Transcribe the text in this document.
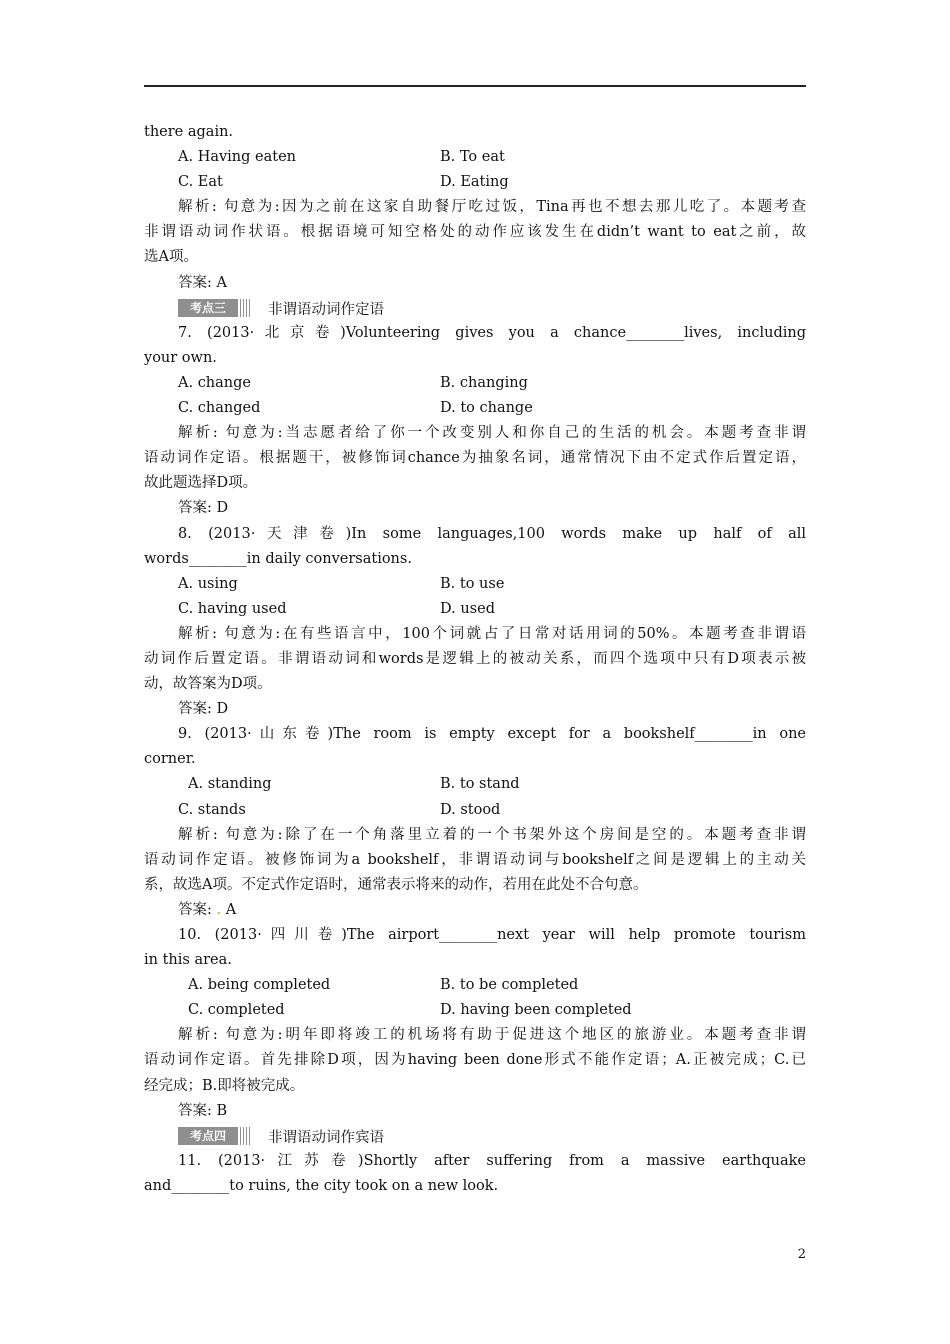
there again.
A. Having eaten	B. To eat
C. Eat	D. Eating
解析: 句意为:因为之前在这家自助餐厅吃过饭，Tina再也不想去那儿吃了。本题考查
非谓语动词作状语。根据语境可知空格处的动作应该发生在didn’t want to eat之前，故
选A项。
答案: A
考点三	非谓语动词作定语
7. (2013·北京卷)Volunteering gives you a chance________lives, including
your own.
A. change	B. changing
C. changed	D. to change
解析: 句意为:当志愿者给了你一个改变别人和你自己的生活的机会。本题考查非谓
语动词作定语。根据题干，被修饰词chance为抽象名词，通常情况下由不定式作后置定语，
故此题选择D项。
答案: D
8. (2013·天津卷)In some languages,100 words make up half of all
words________in daily conversations.
A. using	B. to use
C. having used	D. used
解析: 句意为:在有些语言中，100个词就占了日常对话用词的50%。本题考查非谓语
动词作后置定语。非谓语动词和words是逻辑上的被动关系，而四个选项中只有D项表示被
动，故答案为D项。
答案: D
9. (2013·山东卷)The room is empty except for a bookshelf________in one
corner.
A. standing	B. to stand
C. stands	D. stood
解析: 句意为:除了在一个角落里立着的一个书架外这个房间是空的。本题考查非谓
语动词作定语。被修饰词为a bookshelf，非谓语动词与bookshelf之间是逻辑上的主动关
系，故选A项。不定式作定语时，通常表示将来的动作，若用在此处不合句意。
答案: . A
10. (2013·四川卷)The airport________next year will help promote tourism
in this area.
A. being completed	B. to be completed
C. completed	D. having been completed
解析: 句意为:明年即将竣工的机场将有助于促进这个地区的旅游业。本题考查非谓
语动词作定语。首先排除D项，因为having been done形式不能作定语；A.正被完成；C.已
经完成；B.即将被完成。
答案: B
考点四	非谓语动词作宾语
11. (2013·江苏卷)Shortly after suffering from a massive earthquake
and________to ruins, the city took on a new look.
2
